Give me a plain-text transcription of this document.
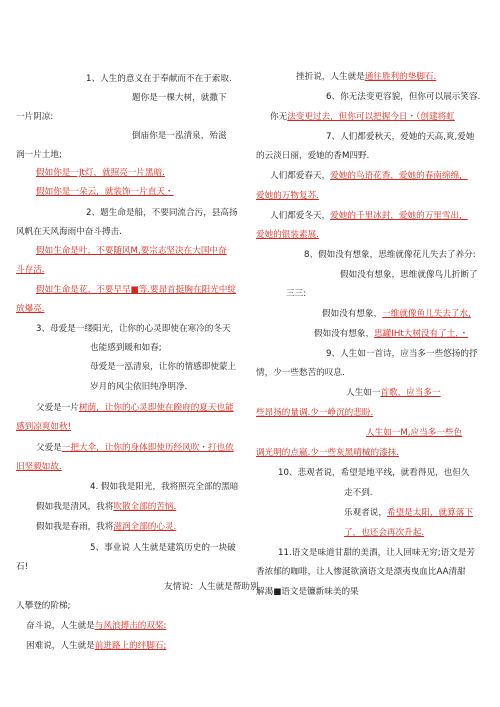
1、人生的意义在于奉献而不在于索取.
题你是一棵大树，就撒下
一片阴凉:
倒庙你是一泓清泉，殆滋
润一片土地;
假如你是一Jt灯，就照亮一片黑暗.
假如你是一朵云，就装饰一片直天・
2、题生命是船，不要同流合污，县高扬
风帆在天风海雨中奋斗搏击.
假如生命是叶，不要随风M,要宗志坚决在大国中奋
斗存活.
假如生命是花，不要早早■等.要昂首挺胸在阳光中绽
放爆亮.
3、母爱是一缕阳光，让你的心灵即使在寒冷的冬天
也能感到暖和如春;
母爱是一泓清泉，让你的情感即使蒙上
岁月的风尘依旧纯净明净.
父爱是一片树荫，让你的心灵即使在睽府的夏天也能
感到凉爽如秋!
父爱是一把大伞，让你的身体即使历经风吹・打也依
旧坚毅如故.
4. 假如我是阳光，我将照亮全部的黑暗
假如我是清风，我将吹散全部的苦恼.
假如我是春雨，我将滋润全部的心灵.
5、事业说 人生就是建筑历史的一块破
石!
友情说：人生就是帮助别
人攀登的阶梯;
奋斗说，人生就是与风浪搏击的双桨:
困难说，人生就是前进路上的绊脚石;
挫折说，人生就是通往胜利的垫脚石.
6、你无法变更容貌，但你可以展示笑容.
你无法变更过去，但你可以把握今日・（创建将虹
7、人们都爱秋天，爱她的天高,爽,爱她
的云淡日丽，爱她的香M四野.
人们都爱春天，爱她的鸟语花香，爱她的春南绵绵，
爱她的万物复苏.
人们都爱冬天，爱她的千里冰封，爱她的万里雪出，
爱她的银装素展.
8、假如没有想象，思维就像花儿失去了养分:
假如没有想象，思维就像鸟儿折断了
三三:
假如没有想象，一维就像鱼儿失去了水,
假如没有想象，思罐IHt大树没有了土，・
9、人生如一首诗，应当多一些悠扬的抒
情，少一些愁苦的叹息.
人生如一首歌，应当多一
些昂扬的量调.少一峥沉的悲盼.
人生如一M,应当多一些色
调光明的点嬴.少一些灰黑晴械的漆抹.
10、悲观者说，希望是地平线，就看得见，也但久
走不到.
乐观者说，希望是太阳，就算落下
了，也还会再次升起.
11.语文是味道甘甜的美酒，让人回味无穷;语文是芳
香浓郁的咖啡，让人惨涎欲滴语文是漂夷曳血比AA清甜
解渴■语文是镰新味美的果
